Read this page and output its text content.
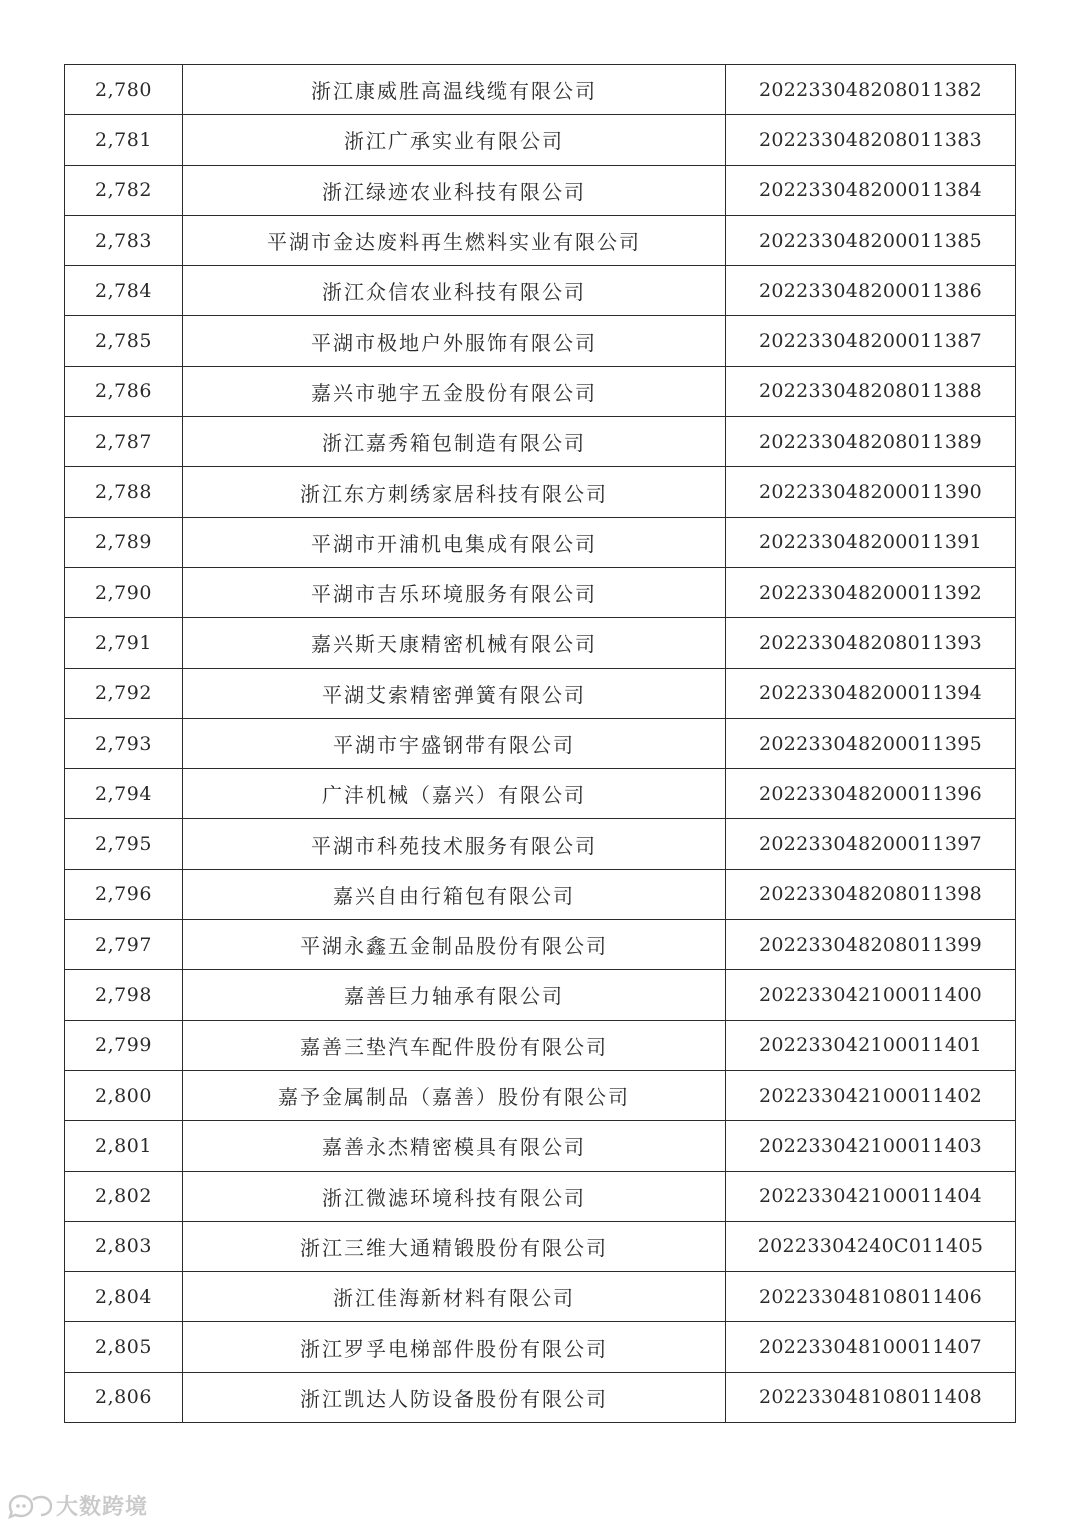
2,780	浙江康威胜高温线缆有限公司	202233048208011382
2,781	浙江广承实业有限公司	202233048208011383
2,782	浙江绿迹农业科技有限公司	202233048200011384
2,783	平湖市金达废料再生燃料实业有限公司	202233048200011385
2,784	浙江众信农业科技有限公司	202233048200011386
2,785	平湖市极地户外服饰有限公司	202233048200011387
2,786	嘉兴市驰宇五金股份有限公司	202233048208011388
2,787	浙江嘉秀箱包制造有限公司	202233048208011389
2,788	浙江东方刺绣家居科技有限公司	202233048200011390
2,789	平湖市开浦机电集成有限公司	202233048200011391
2,790	平湖市吉乐环境服务有限公司	202233048200011392
2,791	嘉兴斯天康精密机械有限公司	202233048208011393
2,792	平湖艾索精密弹簧有限公司	202233048200011394
2,793	平湖市宇盛钢带有限公司	202233048200011395
2,794	广沣机械（嘉兴）有限公司	202233048200011396
2,795	平湖市科苑技术服务有限公司	202233048200011397
2,796	嘉兴自由行箱包有限公司	202233048208011398
2,797	平湖永鑫五金制品股份有限公司	202233048208011399
2,798	嘉善巨力轴承有限公司	202233042100011400
2,799	嘉善三垫汽车配件股份有限公司	202233042100011401
2,800	嘉予金属制品（嘉善）股份有限公司	202233042100011402
2,801	嘉善永杰精密模具有限公司	202233042100011403
2,802	浙江微滤环境科技有限公司	202233042100011404
2,803	浙江三维大通精锻股份有限公司	20223304240C011405
2,804	浙江佳海新材料有限公司	202233048108011406
2,805	浙江罗孚电梯部件股份有限公司	202233048100011407
2,806	浙江凯达人防设备股份有限公司	202233048108011408
大数跨境
